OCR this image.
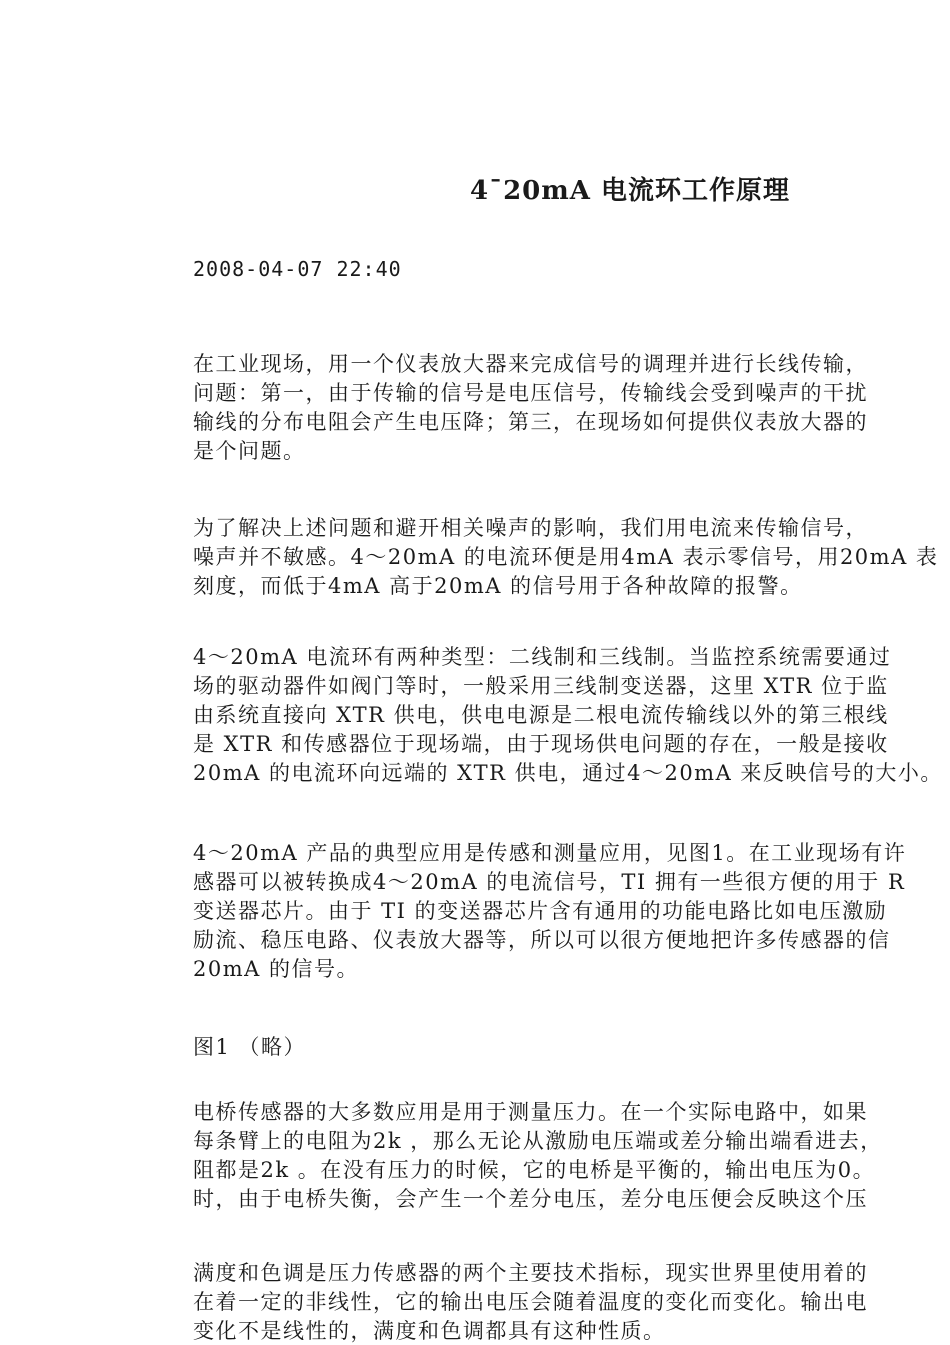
4¯20mA 电流环工作原理
2008-04-07 22:40
在工业现场，用一个仪表放大器来完成信号的调理并进行长线传输，
问题：第一，由于传输的信号是电压信号，传输线会受到噪声的干扰
输线的分布电阻会产生电压降；第三，在现场如何提供仪表放大器的
是个问题。
为了解决上述问题和避开相关噪声的影响，我们用电流来传输信号，
噪声并不敏感。4～20mA 的电流环便是用4mA 表示零信号，用20mA 表
刻度，而低于4mA 高于20mA 的信号用于各种故障的报警。
4～20mA 电流环有两种类型：二线制和三线制。当监控系统需要通过
场的驱动器件如阀门等时，一般采用三线制变送器，这里 XTR 位于监
由系统直接向 XTR 供电，供电电源是二根电流传输线以外的第三根线
是 XTR 和传感器位于现场端，由于现场供电问题的存在，一般是接收
20mA 的电流环向远端的 XTR 供电，通过4～20mA 来反映信号的大小。
4～20mA 产品的典型应用是传感和测量应用，见图1。在工业现场有许
感器可以被转换成4～20mA 的电流信号，TI 拥有一些很方便的用于 R
变送器芯片。由于 TI 的变送器芯片含有通用的功能电路比如电压激励
励流、稳压电路、仪表放大器等，所以可以很方便地把许多传感器的信
20mA 的信号。
图1 （略）
电桥传感器的大多数应用是用于测量压力。在一个实际电路中，如果
每条臂上的电阻为2k ，那么无论从激励电压端或差分输出端看进去，
阻都是2k 。在没有压力的时候，它的电桥是平衡的，输出电压为0。
时，由于电桥失衡，会产生一个差分电压，差分电压便会反映这个压
满度和色调是压力传感器的两个主要技术指标，现实世界里使用着的
在着一定的非线性，它的输出电压会随着温度的变化而变化。输出电
变化不是线性的，满度和色调都具有这种性质。
